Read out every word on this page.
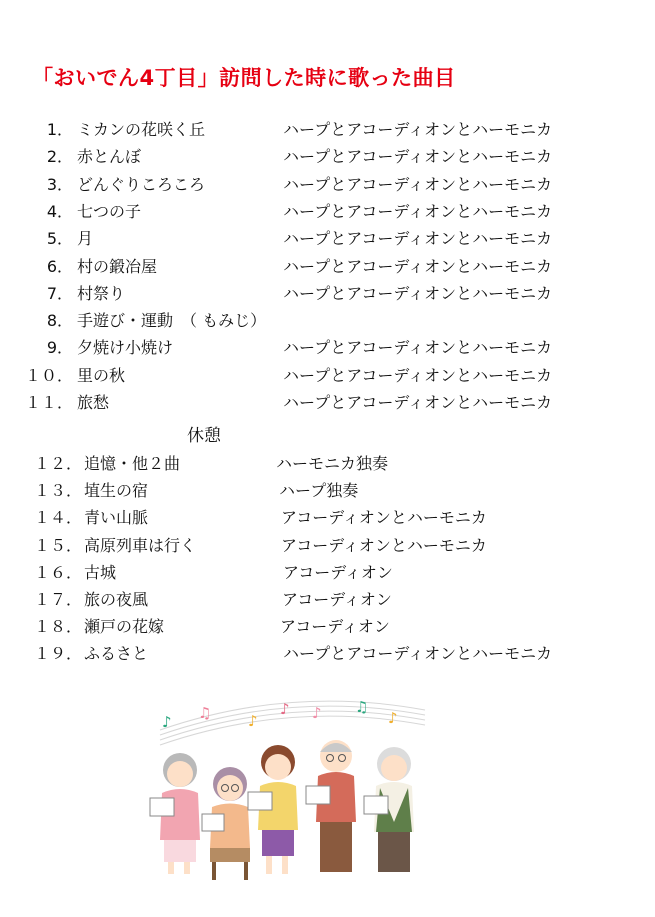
「おいでん4丁目」訪問した時に歌った曲目
1． ミカンの花咲く丘	ハープとアコーディオンとハーモニカ
2． 赤とんぼ	ハープとアコーディオンとハーモニカ
3． どんぐりころころ	ハープとアコーディオンとハーモニカ
4． 七つの子	ハープとアコーディオンとハーモニカ
5． 月	ハープとアコーディオンとハーモニカ
6． 村の鍛冶屋	ハープとアコーディオンとハーモニカ
7． 村祭り	ハープとアコーディオンとハーモニカ
8． 手遊び・運動　（ もみじ）
9． 夕焼け小焼け	ハープとアコーディオンとハーモニカ
１０． 里の秋	ハープとアコーディオンとハーモニカ
１１． 旅愁	ハープとアコーディオンとハーモニカ
休憩
１２． 追憶・他２曲	ハーモニカ独奏
１３． 埴生の宿	ハープ独奏
１４． 青い山脈	アコーディオンとハーモニカ
１５． 高原列車は行く	アコーディオンとハーモニカ
１６． 古城	アコーディオン
１７． 旅の夜風	アコーディオン
１８． 瀬戸の花嫁	アコーディオン
１９． ふるさと	ハープとアコーディオンとハーモニカ
♪ ♫ ♪
♪ ♪ ♫
♪
